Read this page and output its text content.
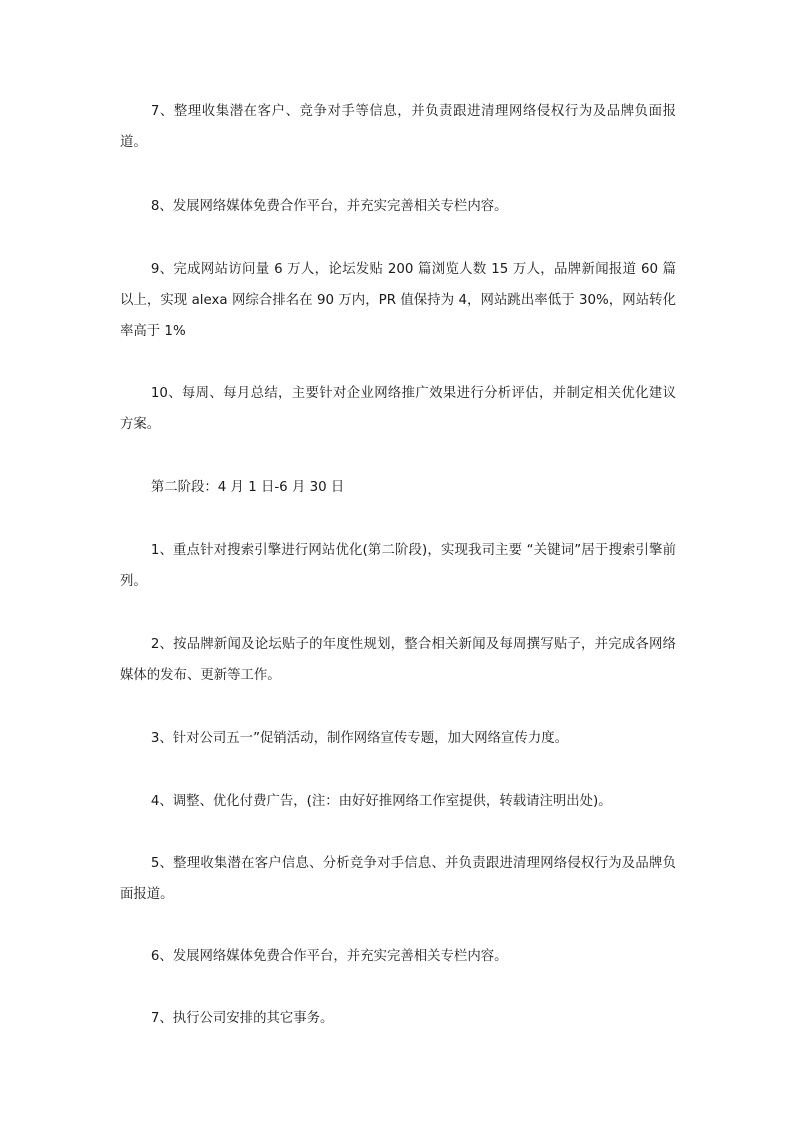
7、整理收集潜在客户、竞争对手等信息，并负责跟进清理网络侵权行为及品牌负面报道。

8、发展网络媒体免费合作平台，并充实完善相关专栏内容。

9、完成网站访问量 6 万人，论坛发贴 200 篇浏览人数 15 万人，品牌新闻报道 60 篇以上，实现 alexa 网综合排名在 90 万内，PR 值保持为 4，网站跳出率低于 30%，网站转化率高于 1%

10、每周、每月总结，主要针对企业网络推广效果进行分析评估，并制定相关优化建议方案。

第二阶段：4 月 1 日-6 月 30 日

1、重点针对搜索引擎进行网站优化(第二阶段)，实现我司主要 “关键词”居于搜索引擎前列。

2、按品牌新闻及论坛贴子的年度性规划，整合相关新闻及每周撰写贴子，并完成各网络媒体的发布、更新等工作。

3、针对公司五一”促销活动，制作网络宣传专题，加大网络宣传力度。

4、调整、优化付费广告，(注：由好好推网络工作室提供，转载请注明出处)。

5、整理收集潜在客户信息、分析竞争对手信息、并负责跟进清理网络侵权行为及品牌负面报道。

6、发展网络媒体免费合作平台，并充实完善相关专栏内容。

7、执行公司安排的其它事务。
